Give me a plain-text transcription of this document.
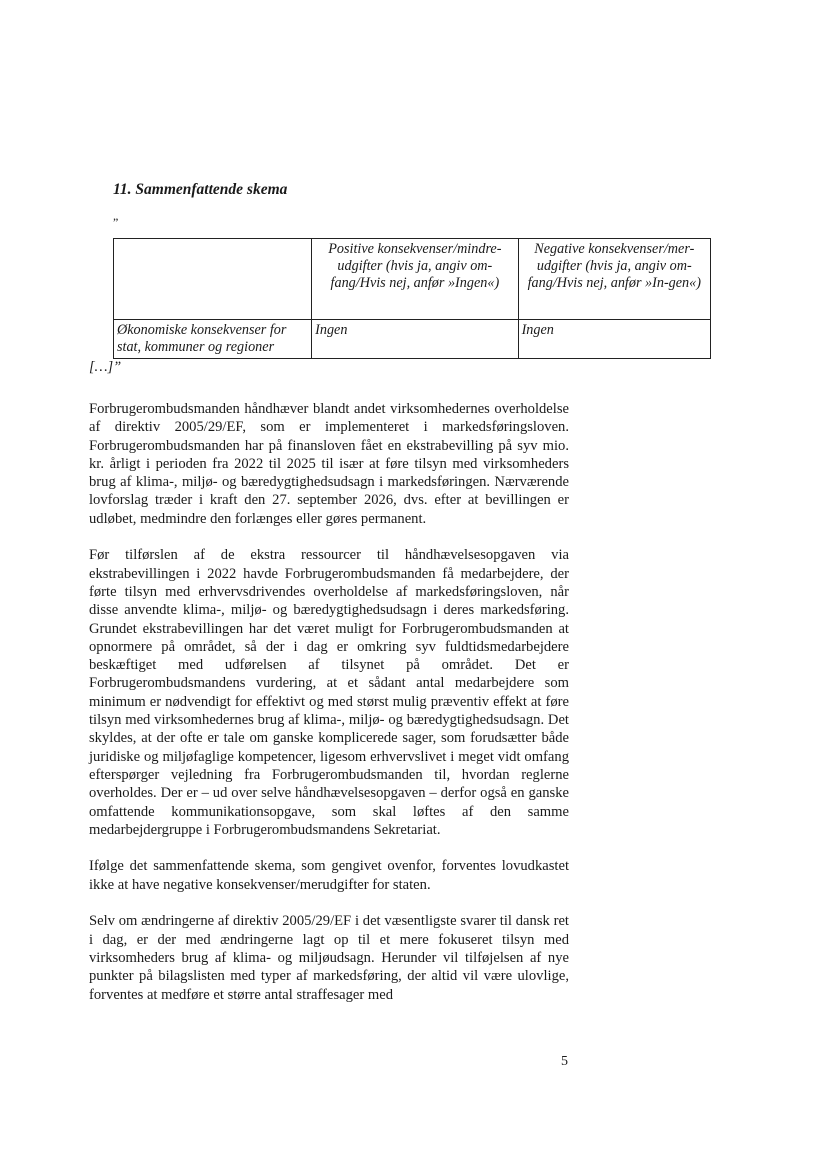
11. Sammenfattende skema
”
	Positive konsekvenser/mindre-udgifter (hvis ja, angiv om-fang/Hvis nej, anfør »Ingen«)	Negative konsekvenser/mer-udgifter (hvis ja, angiv om-fang/Hvis nej, anfør »In-gen«)
Økonomiske konsekvenser for stat, kommuner og regioner	Ingen	Ingen
[…]”

Forbrugerombudsmanden håndhæver blandt andet virksomhedernes overholdelse af direktiv 2005/29/EF, som er implementeret i markedsføringsloven. Forbrugerombudsmanden har på finansloven fået en ekstrabevilling på syv mio. kr. årligt i perioden fra 2022 til 2025 til især at føre tilsyn med virksomheders brug af klima-, miljø- og bæredygtighedsudsagn i markedsføringen. Nærværende lovforslag træder i kraft den 27. september 2026, dvs. efter at bevillingen er udløbet, medmindre den forlænges eller gøres permanent.

Før tilførslen af de ekstra ressourcer til håndhævelsesopgaven via ekstrabevillingen i 2022 havde Forbrugerombudsmanden få medarbejdere, der førte tilsyn med erhvervsdrivendes overholdelse af markedsføringsloven, når disse anvendte klima-, miljø- og bæredygtighedsudsagn i deres markedsføring. Grundet ekstrabevillingen har det været muligt for Forbrugerombudsmanden at opnormere på området, så der i dag er omkring syv fuldtidsmedarbejdere beskæftiget med udførelsen af tilsynet på området. Det er Forbrugerombudsmandens vurdering, at et sådant antal medarbejdere som minimum er nødvendigt for effektivt og med størst mulig præventiv effekt at føre tilsyn med virksomhedernes brug af klima-, miljø- og bæredygtighedsudsagn. Det skyldes, at der ofte er tale om ganske komplicerede sager, som forudsætter både juridiske og miljøfaglige kompetencer, ligesom erhvervslivet i meget vidt omfang efterspørger vejledning fra Forbrugerombudsmanden til, hvordan reglerne overholdes. Der er – ud over selve håndhævelsesopgaven – derfor også en ganske omfattende kommunikationsopgave, som skal løftes af den samme medarbejdergruppe i Forbrugerombudsmandens Sekretariat.

Ifølge det sammenfattende skema, som gengivet ovenfor, forventes lovudkastet ikke at have negative konsekvenser/merudgifter for staten.

Selv om ændringerne af direktiv 2005/29/EF i det væsentligste svarer til dansk ret i dag, er der med ændringerne lagt op til et mere fokuseret tilsyn med virksomheders brug af klima- og miljøudsagn. Herunder vil tilføjelsen af nye punkter på bilagslisten med typer af markedsføring, der altid vil være ulovlige, forventes at medføre et større antal straffesager med

5
